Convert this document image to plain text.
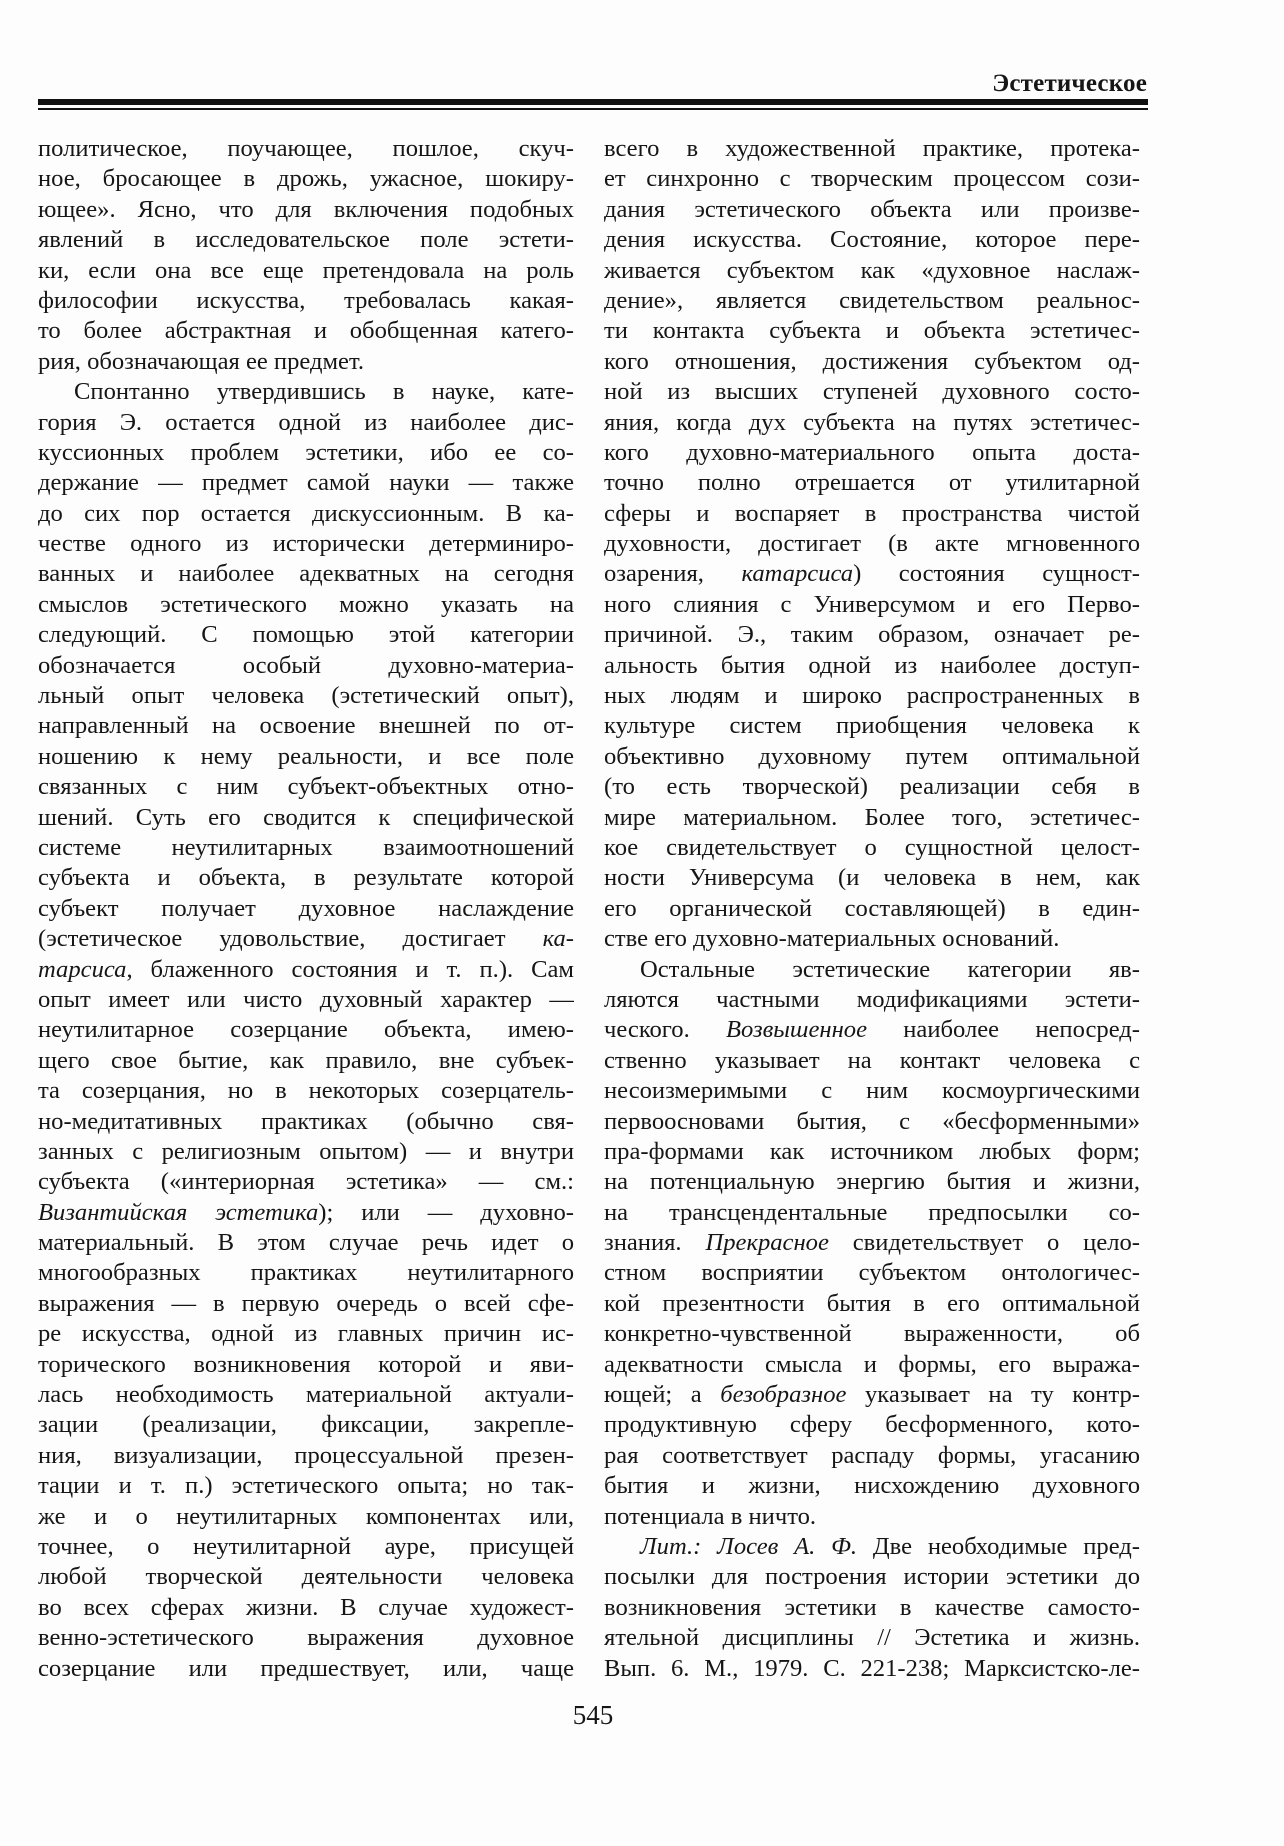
Эстетическое
политическое, поучающее, пошлое, скуч-
ное, бросающее в дрожь, ужасное, шокиру-
ющее». Ясно, что для включения подобных
явлений в исследовательское поле эстети-
ки, если она все еще претендовала на роль
философии искусства, требовалась какая-
то более абстрактная и обобщенная катего-
рия, обозначающая ее предмет.
Спонтанно утвердившись в науке, кате-
гория Э. остается одной из наиболее дис-
куссионных проблем эстетики, ибо ее со-
держание — предмет самой науки — также
до сих пор остается дискуссионным. В ка-
честве одного из исторически детерминиро-
ванных и наиболее адекватных на сегодня
смыслов эстетического можно указать на
следующий. С помощью этой категории
обозначается особый духовно-материа-
льный опыт человека (эстетический опыт),
направленный на освоение внешней по от-
ношению к нему реальности, и все поле
связанных с ним субъект-объектных отно-
шений. Суть его сводится к специфической
системе неутилитарных взаимоотношений
субъекта и объекта, в результате которой
субъект получает духовное наслаждение
(эстетическое удовольствие, достигает ка-
тарсиса, блаженного состояния и т. п.). Сам
опыт имеет или чисто духовный характер —
неутилитарное созерцание объекта, имею-
щего свое бытие, как правило, вне субъек-
та созерцания, но в некоторых созерцатель-
но-медитативных практиках (обычно свя-
занных с религиозным опытом) — и внутри
субъекта («интериорная эстетика» — см.:
Византийская эстетика); или — духовно-
материальный. В этом случае речь идет о
многообразных практиках неутилитарного
выражения — в первую очередь о всей сфе-
ре искусства, одной из главных причин ис-
торического возникновения которой и яви-
лась необходимость материальной актуали-
зации (реализации, фиксации, закрепле-
ния, визуализации, процессуальной презен-
тации и т. п.) эстетического опыта; но так-
же и о неутилитарных компонентах или,
точнее, о неутилитарной ауре, присущей
любой творческой деятельности человека
во всех сферах жизни. В случае художест-
венно-эстетического выражения духовное
созерцание или предшествует, или, чаще
всего в художественной практике, протека-
ет синхронно с творческим процессом сози-
дания эстетического объекта или произве-
дения искусства. Состояние, которое пере-
живается субъектом как «духовное наслаж-
дение», является свидетельством реальнос-
ти контакта субъекта и объекта эстетичес-
кого отношения, достижения субъектом од-
ной из высших ступеней духовного состо-
яния, когда дух субъекта на путях эстетичес-
кого духовно-материального опыта доста-
точно полно отрешается от утилитарной
сферы и воспаряет в пространства чистой
духовности, достигает (в акте мгновенного
озарения, катарсиса) состояния сущност-
ного слияния с Универсумом и его Перво-
причиной. Э., таким образом, означает ре-
альность бытия одной из наиболее доступ-
ных людям и широко распространенных в
культуре систем приобщения человека к
объективно духовному путем оптимальной
(то есть творческой) реализации себя в
мире материальном. Более того, эстетичес-
кое свидетельствует о сущностной целост-
ности Универсума (и человека в нем, как
его органической составляющей) в един-
стве его духовно-материальных оснований.
Остальные эстетические категории яв-
ляются частными модификациями эстети-
ческого. Возвышенное наиболее непосред-
ственно указывает на контакт человека с
несоизмеримыми с ним космоургическими
первоосновами бытия, с «бесформенными»
пра-формами как источником любых форм;
на потенциальную энергию бытия и жизни,
на трансцендентальные предпосылки со-
знания. Прекрасное свидетельствует о цело-
стном восприятии субъектом онтологичес-
кой презентности бытия в его оптимальной
конкретно-чувственной выраженности, об
адекватности смысла и формы, его выража-
ющей; а безобразное указывает на ту контр-
продуктивную сферу бесформенного, кото-
рая соответствует распаду формы, угасанию
бытия и жизни, нисхождению духовного
потенциала в ничто.
Лит.: Лосев А. Ф. Две необходимые пред-
посылки для построения истории эстетики до
возникновения эстетики в качестве самосто-
ятельной дисциплины // Эстетика и жизнь.
Вып. 6. М., 1979. С. 221-238; Марксистско-ле-
545
